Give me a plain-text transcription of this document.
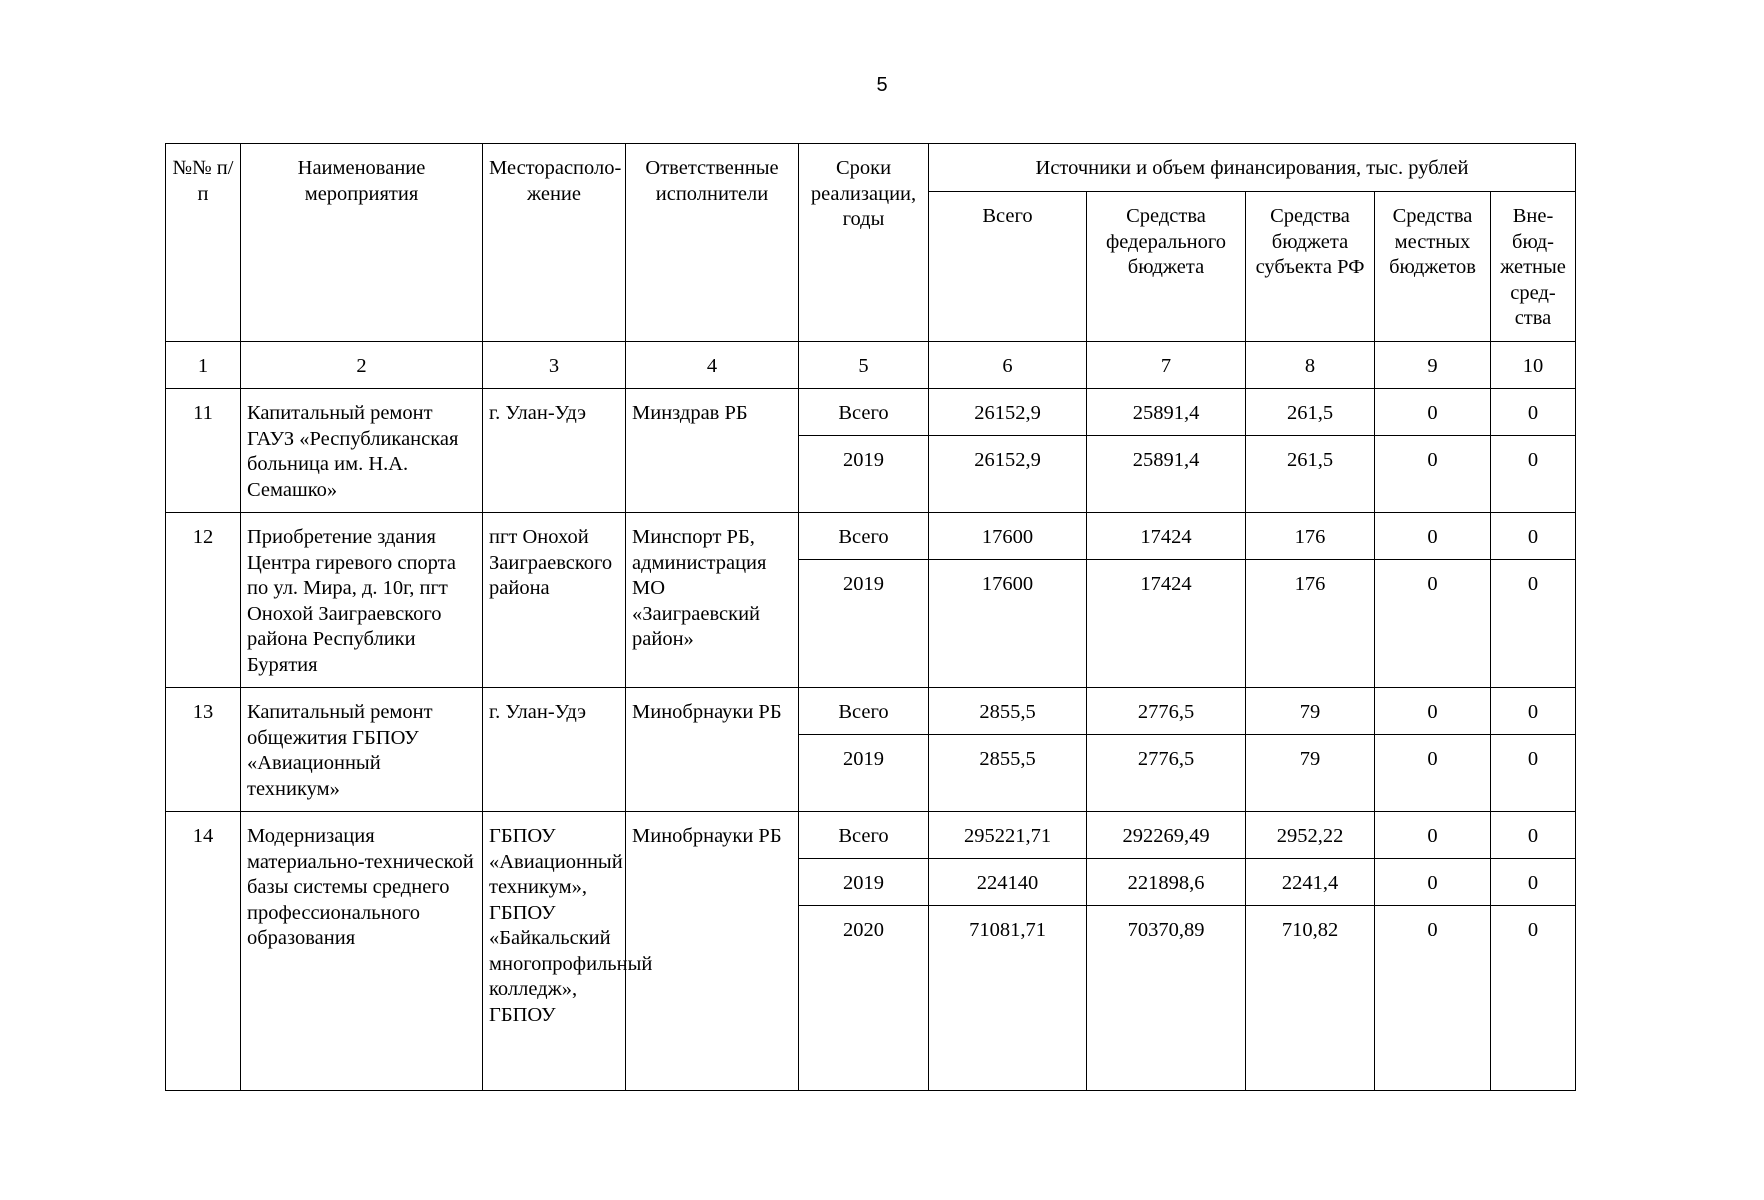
5
№№ п/п	Наименование мероприятия	Месторасполо-жение	Ответственные исполнители	Сроки реализации, годы	Источники и объем финансирования, тыс. рублей				
					Всего	Средства федерального бюджета	Средства бюджета субъекта РФ	Средства местных бюджетов	Вне-бюд-жетные сред-ства
1	2	3	4	5	6	7	8	9	10
11	Капитальный ремонт ГАУЗ «Республиканская больница им. Н.А. Семашко»	г. Улан-Удэ	Минздрав РБ	Всего	26152,9	25891,4	261,5	0	0
				2019	26152,9	25891,4	261,5	0	0
12	Приобретение здания Центра гиревого спорта по ул. Мира, д. 10г, пгт Онохой Заиграевского района Республики Бурятия	пгт Онохой Заиграевского района	Минспорт РБ, администрация МО «Заиграевский район»	Всего	17600	17424	176	0	0
				2019	17600	17424	176	0	0
13	Капитальный ремонт общежития ГБПОУ «Авиационный техникум»	г. Улан-Удэ	Минобрнауки РБ	Всего	2855,5	2776,5	79	0	0
				2019	2855,5	2776,5	79	0	0
14	Модернизация материально-технической базы системы среднего профессионального образования	ГБПОУ «Авиационный техникум», ГБПОУ «Байкальский многопрофильный колледж», ГБПОУ	Минобрнауки РБ	Всего	295221,71	292269,49	2952,22	0	0
				2019	224140	221898,6	2241,4	0	0
				2020	71081,71	70370,89	710,82	0	0
